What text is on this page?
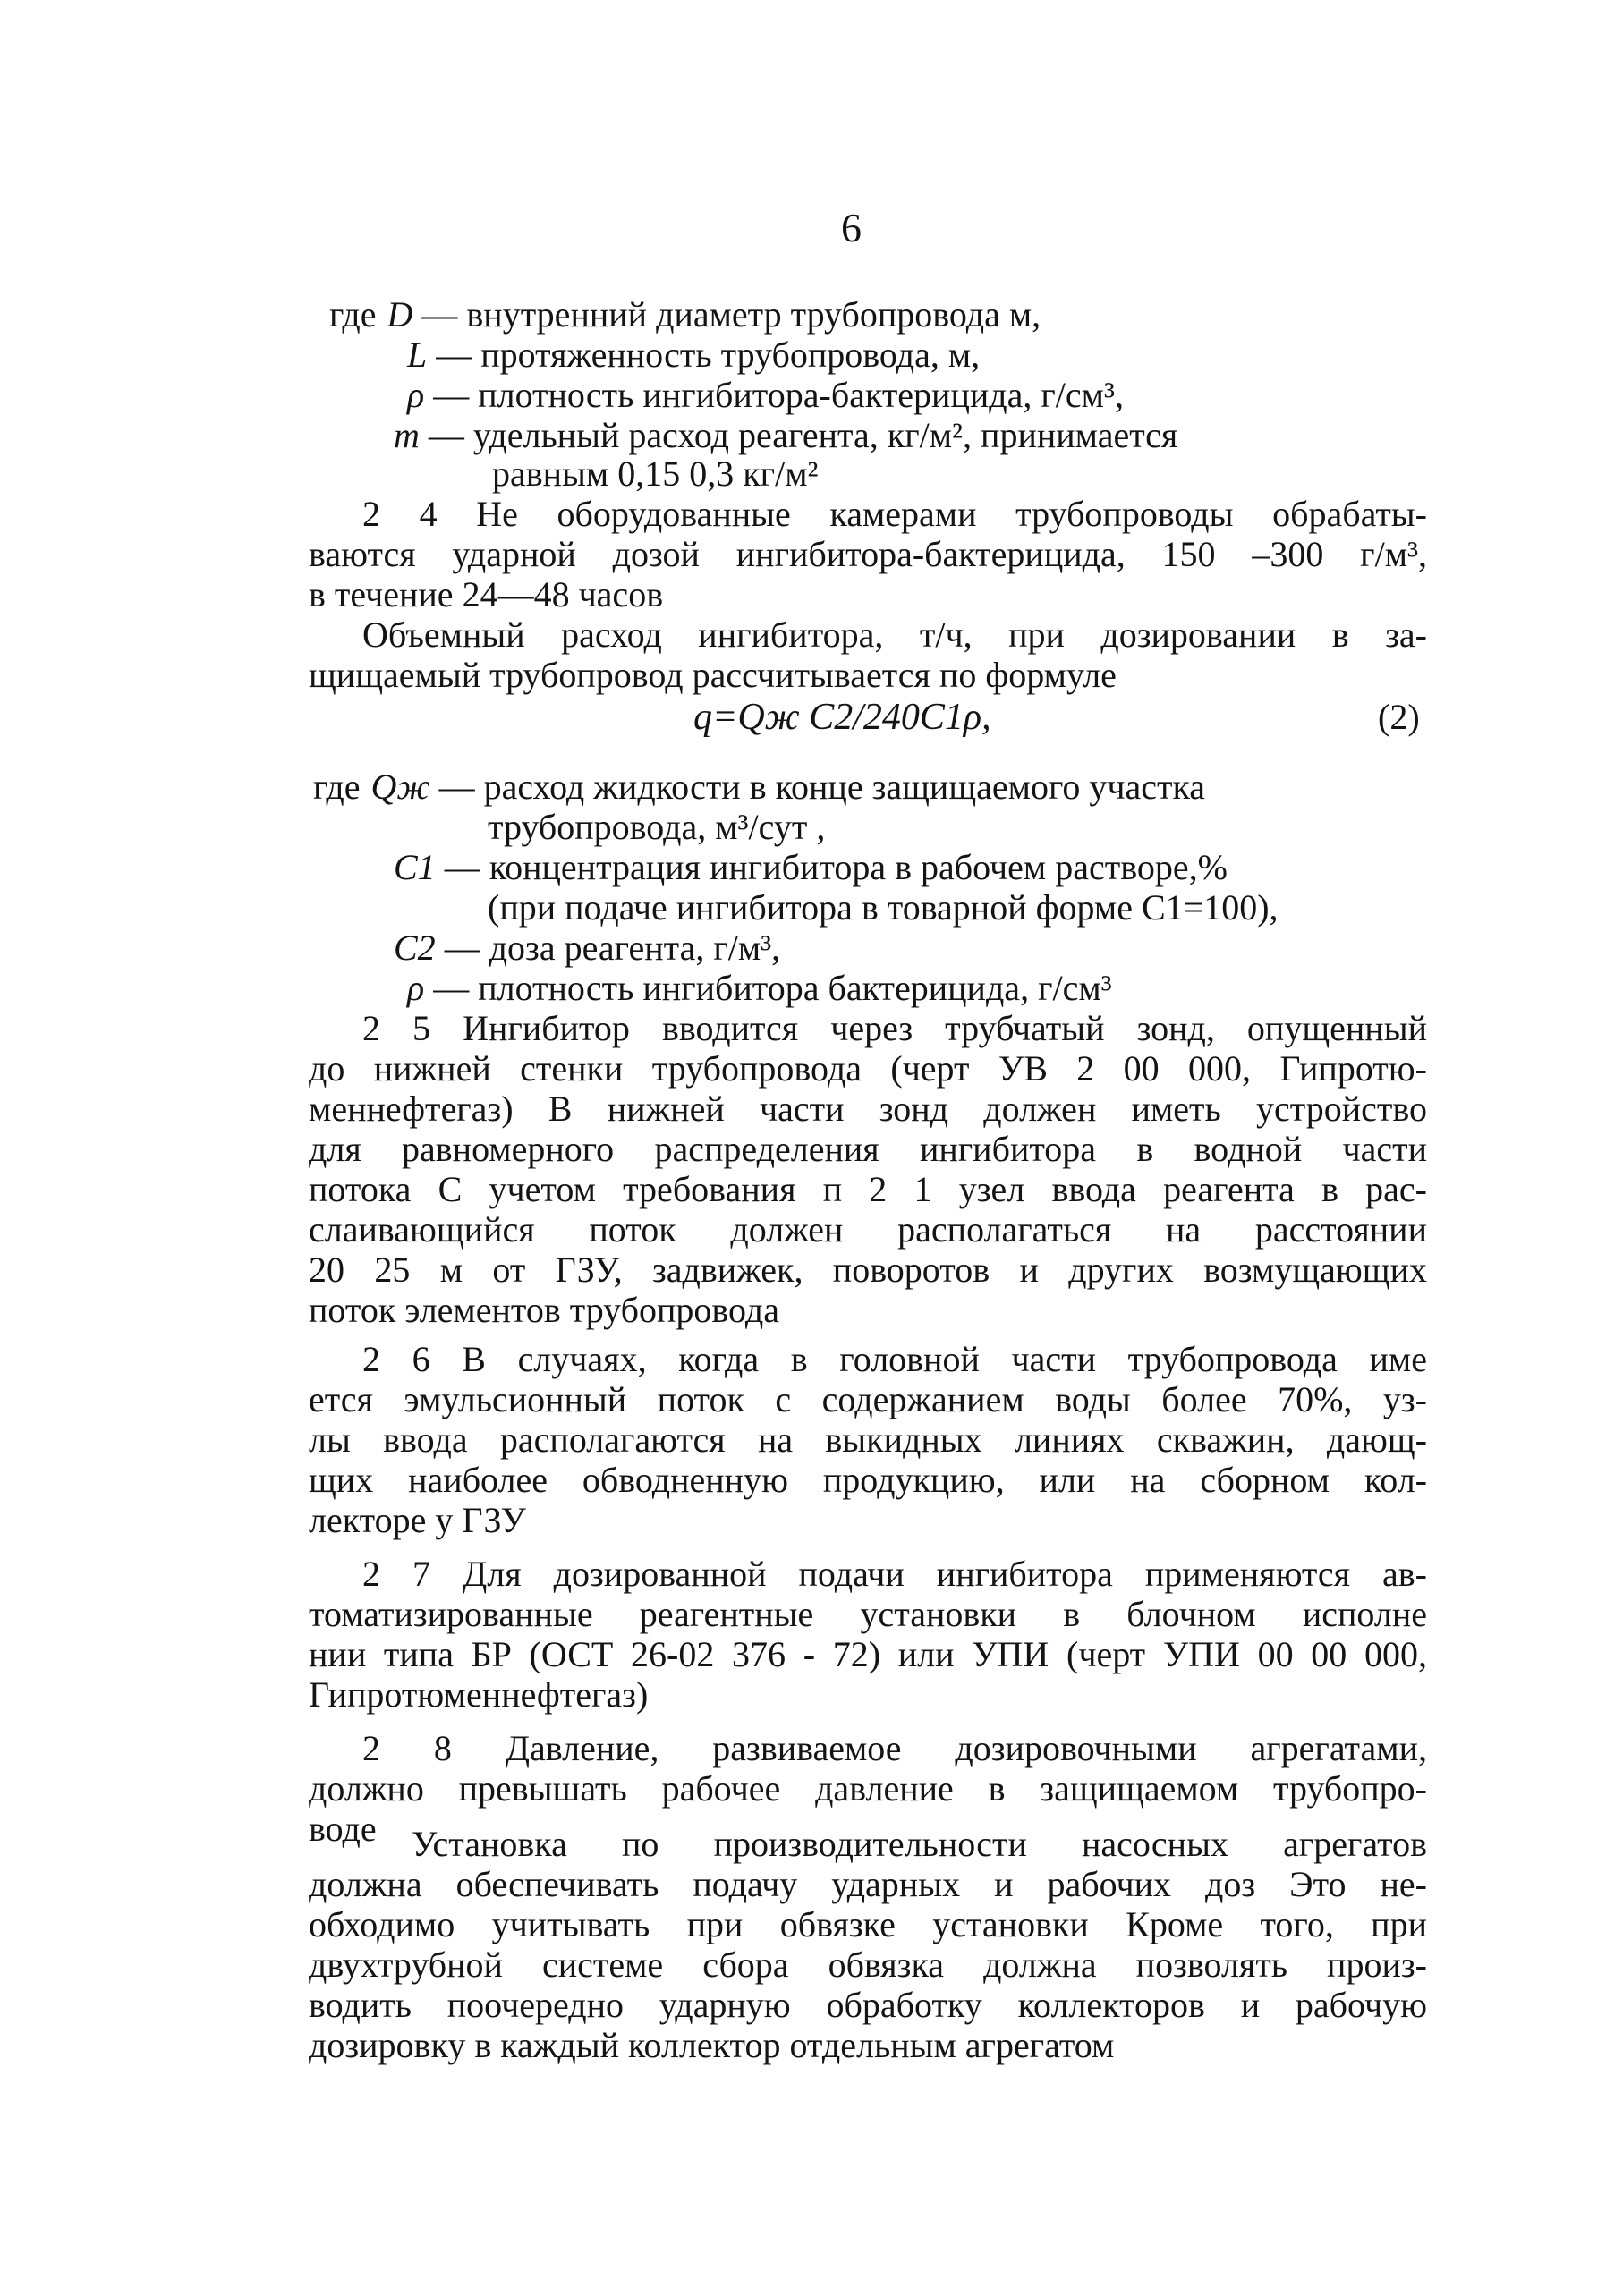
6
где D — внутренний диаметр трубопровода м,
L — протяженность трубопровода, м,
ρ — плотность ингибитора-бактерицида, г/см³,
m — удельный расход реагента, кг/м², принимается
равным 0,15 0,3 кг/м²
2 4 Не оборудованные камерами трубопроводы обрабаты-
ваются ударной дозой ингибитора-бактерицида, 150 –300 г/м³,
в течение 24—48 часов
Объемный расход ингибитора, т/ч, при дозировании в за-
щищаемый трубопровод рассчитывается по формуле
q=Qж C2/240C1ρ,	(2)
где Qж — расход жидкости в конце защищаемого участка
трубопровода, м³/сут ,
C1 — концентрация ингибитора в рабочем растворе,%
(при подаче ингибитора в товарной форме C1=100),
C2 — доза реагента, г/м³,
ρ — плотность ингибитора бактерицида, г/см³
2 5 Ингибитор вводится через трубчатый зонд, опущенный
до нижней стенки трубопровода (черт УВ 2 00 000, Гипротю-
меннефтегаз) В нижней части зонд должен иметь устройство
для равномерного распределения ингибитора в водной части
потока С учетом требования п 2 1 узел ввода реагента в рас-
слаивающийся поток должен располагаться на расстоянии
20 25 м от ГЗУ, задвижек, поворотов и других возмущающих
поток элементов трубопровода
2 6 В случаях, когда в головной части трубопровода име
ется эмульсионный поток с содержанием воды более 70%, уз-
лы ввода располагаются на выкидных линиях скважин, дающ-
щих наиболее обводненную продукцию, или на сборном кол-
лекторе у ГЗУ
2 7 Для дозированной подачи ингибитора применяются ав-
томатизированные реагентные установки в блочном исполне
нии типа БР (ОСТ 26-02 376 - 72) или УПИ (черт УПИ 00 00 000,
Гипротюменнефтегаз)
2 8 Давление, развиваемое дозировочными агрегатами,
должно превышать рабочее давление в защищаемом трубопро-
воде Установка по производительности насосных агрегатов
должна обеспечивать подачу ударных и рабочих доз Это не-
обходимо учитывать при обвязке установки Кроме того, при
двухтрубной системе сбора обвязка должна позволять произ-
водить поочередно ударную обработку коллекторов и рабочую
дозировку в каждый коллектор отдельным агрегатом
